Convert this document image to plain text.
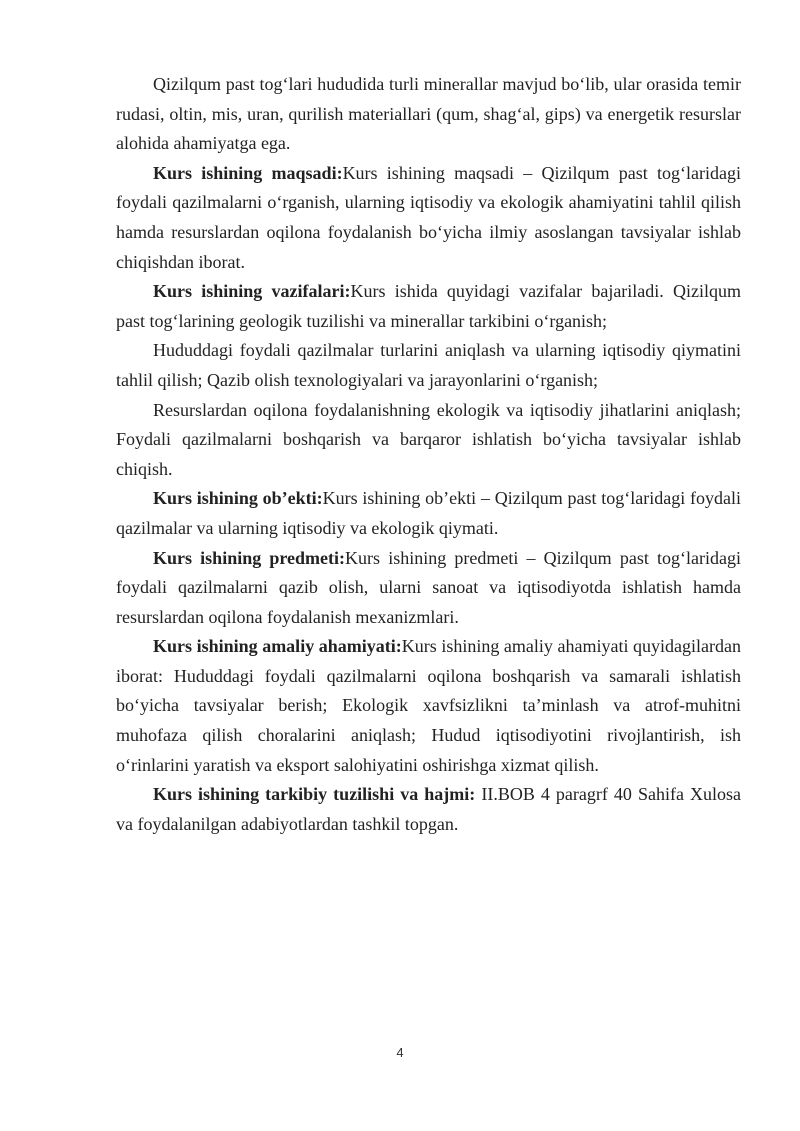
Qizilqum past tog‘lari hududida turli minerallar mavjud bo‘lib, ular orasida temir rudasi, oltin, mis, uran, qurilish materiallari (qum, shag‘al, gips) va energetik resurslar alohida ahamiyatga ega.

Kurs ishining maqsadi:Kurs ishining maqsadi – Qizilqum past tog‘laridagi foydali qazilmalarni o‘rganish, ularning iqtisodiy va ekologik ahamiyatini tahlil qilish hamda resurslardan oqilona foydalanish bo‘yicha ilmiy asoslangan tavsiyalar ishlab chiqishdan iborat.

Kurs ishining vazifalari:Kurs ishida quyidagi vazifalar bajariladi. Qizilqum past tog‘larining geologik tuzilishi va minerallar tarkibini o‘rganish;

Hududdagi foydali qazilmalar turlarini aniqlash va ularning iqtisodiy qiymatini tahlil qilish; Qazib olish texnologiyalari va jarayonlarini o‘rganish;

Resurslardan oqilona foydalanishning ekologik va iqtisodiy jihatlarini aniqlash; Foydali qazilmalarni boshqarish va barqaror ishlatish bo‘yicha tavsiyalar ishlab chiqish.

Kurs ishining ob’ekti:Kurs ishining ob’ekti – Qizilqum past tog‘laridagi foydali qazilmalar va ularning iqtisodiy va ekologik qiymati.

Kurs ishining predmeti:Kurs ishining predmeti – Qizilqum past tog‘laridagi foydali qazilmalarni qazib olish, ularni sanoat va iqtisodiyotda ishlatish hamda resurslardan oqilona foydalanish mexanizmlari.

Kurs ishining amaliy ahamiyati:Kurs ishining amaliy ahamiyati quyidagilardan iborat: Hududdagi foydali qazilmalarni oqilona boshqarish va samarali ishlatish bo‘yicha tavsiyalar berish; Ekologik xavfsizlikni ta’minlash va atrof-muhitni muhofaza qilish choralarini aniqlash; Hudud iqtisodiyotini rivojlantirish, ish o‘rinlarini yaratish va eksport salohiyatini oshirishga xizmat qilish.

Kurs ishining tarkibiy tuzilishi va hajmi: II.BOB 4 paragrf 40 Sahifa Xulosa va foydalanilgan adabiyotlardan tashkil topgan.

4
